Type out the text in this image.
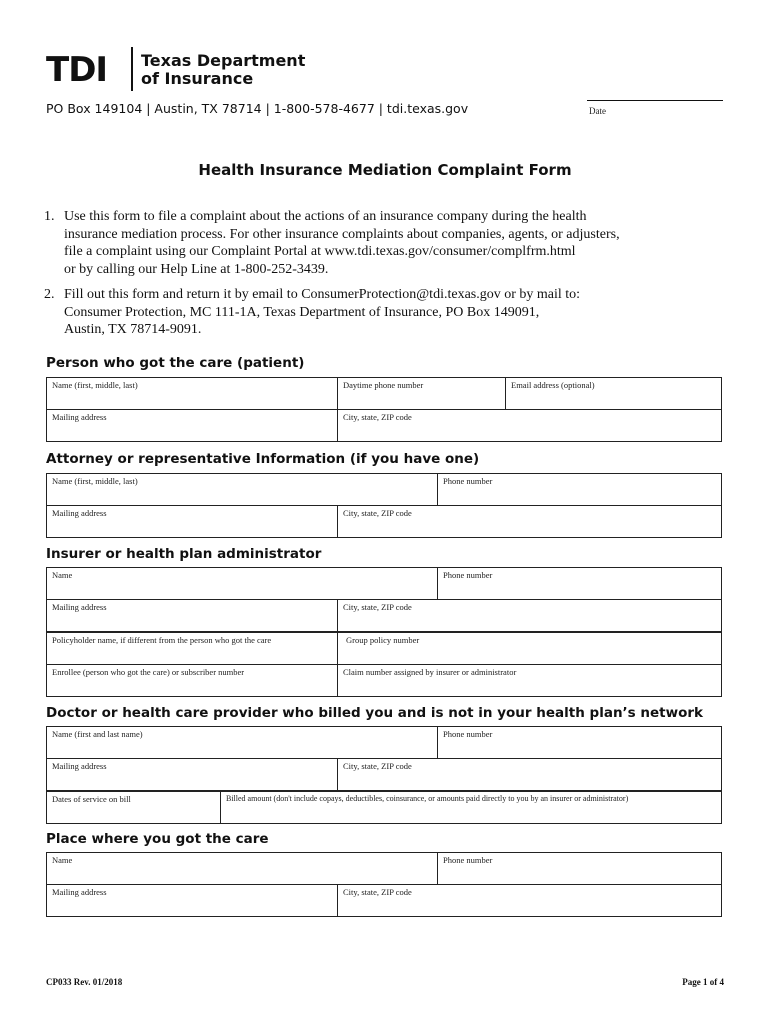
TDI Texas Department
of Insurance
PO Box 149104 | Austin, TX 78714 | 1-800-578-4677 | tdi.texas.gov	Date
Health Insurance Mediation Complaint Form
1. Use this form to file a complaint about the actions of an insurance company during the health
insurance mediation process. For other insurance complaints about companies, agents, or adjusters,
file a complaint using our Complaint Portal at www.tdi.texas.gov/consumer/complfrm.html
or by calling our Help Line at 1-800-252-3439.
2. Fill out this form and return it by email to ConsumerProtection@tdi.texas.gov or by mail to:
Consumer Protection, MC 111-1A, Texas Department of Insurance, PO Box 149091,
Austin, TX 78714-9091.
Person who got the care (patient)
Name (first, middle, last)	Daytime phone number	Email address (optional)
Mailing address	City, state, ZIP code
Attorney or representative Information (if you have one)
Name (first, middle, last)	Phone number
Mailing address	City, state, ZIP code
Insurer or health plan administrator
Name	Phone number
Mailing address	City, state, ZIP code
Policyholder name, if different from the person who got the care	Group policy number
Enrollee (person who got the care) or subscriber number	Claim number assigned by insurer or administrator
Doctor or health care provider who billed you and is not in your health plan’s network
Name (first and last name)	Phone number
Mailing address	City, state, ZIP code
Dates of service on bill	Billed amount (don't include copays, deductibles, coinsurance, or amounts paid directly to you by an insurer or administrator)
Place where you got the care
Name	Phone number
Mailing address	City, state, ZIP code
CP033 Rev. 01/2018	Page 1 of 4
